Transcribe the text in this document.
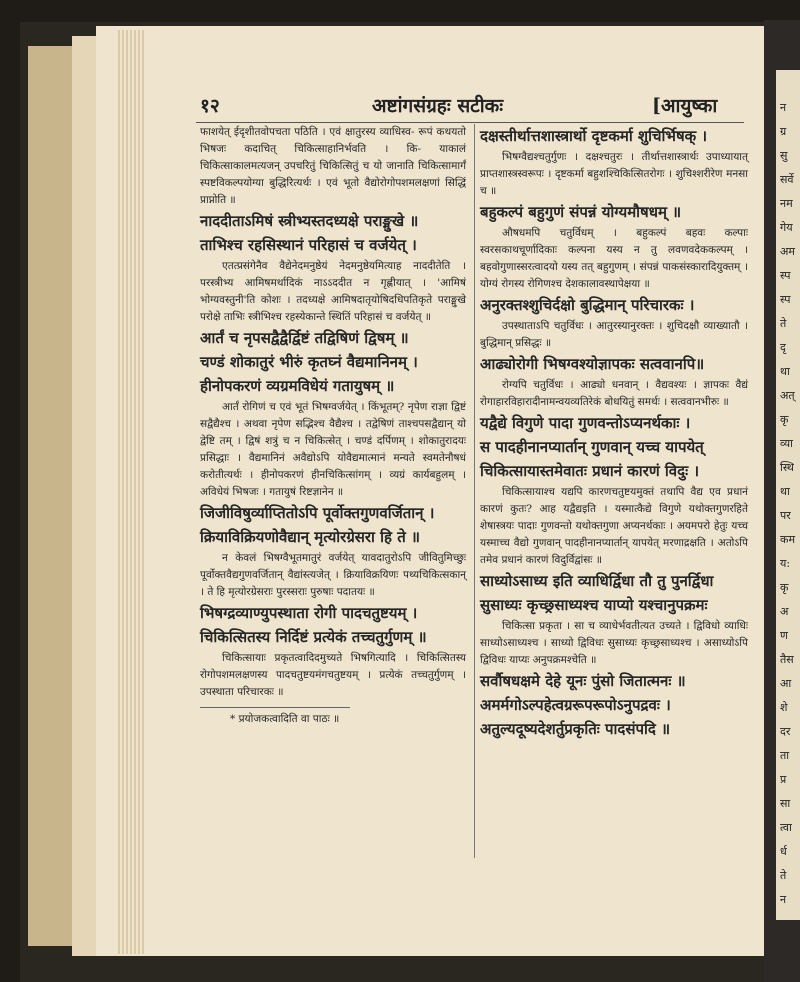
न
ग्र
सु
सर्वे
नम
गेय
अम
स्प
स्प
ते
दृ
था
अत्
कृ
व्या
स्थि
था
पर
कम
य:
कृ
अ
ण
तैस
आ
शे
दर
ता
प्र
सा
त्वा
र्ध
ते
न
१२	अष्टांगसंग्रहः सटीकः	[आयुष्का

फाशयेत् ईदृशीतवोपचता पठिति । एवं क्षातुरस्य व्याधिस्व- रूपं कथयतो भिषजः कदाचित् चिकित्साहानिर्भवति । कि- याकालं चिकित्साकालमत्यजन् उपचरितुं चिकित्सितुं च यो जानाति चिकित्सामार्गं स्पष्टविकल्पयोग्या बुद्धिरित्यर्थः । एवं भूतो वैद्योरोगोपशमलक्षणां सिद्धिं प्राप्नोति ॥

नाददीताऽमिषं स्त्रीभ्यस्तदध्यक्षे पराङ्मुखे ॥

ताभिश्च रहसिस्थानं परिहासं च वर्जयेत् ।

एतत्प्रसंगेनैव वैद्येनेदमनुष्ठेयं नेदमनुष्ठेयमित्याह नाददीतेति । परस्त्रीभ्य आमिषमर्थादिकं नाऽऽददीत न गृह्णीयात् । 'आमिषं भोग्यवस्तुनी'ति कोशः । तदध्यक्षे आमिषदातृयोषिदधिपतिकृते पराङ्मुखे परोक्षे ताभिः स्त्रीभिश्च रहस्येकान्ते स्थितिं परिहासं च वर्जयेत् ॥

आर्तं च नृपसद्वैद्वैर्द्विष्टं तद्विषिणं द्विषम् ॥

चण्डं शोकातुरं भीरुं कृतघ्नं वैद्यमानिनम् ।

हीनोपकरणं व्यग्रमविधेयं गतायुषम् ॥

आर्तं रोगिणं च एवं भूतं भिषग्वर्जयेत् । किंभूतम्? नृपेण राज्ञा द्विष्टं सद्वैद्यैश्च । अथवा नृपेण सद्भिश्च वैद्यैश्च । तद्वेषिणं ताश्चपसद्वैद्यान् यो द्वेष्टि तम् । द्विषं शत्रुं च न चिकित्सेत् । चण्डं दर्पिणम् । शोकातुरादयः प्रसिद्धाः । वैद्यमानिनं अवैद्योऽपि योवैद्यमात्मानं मन्यते स्वमतेनौषधं करोतीत्यर्थः । हीनोपकरणं हीनचिकित्सांगम् । व्यग्रं कार्यबहुलम् । अविधेयं भिषजः । गतायुषं रिष्टज्ञानेन ॥

जिजीविषुर्व्याप्तितोऽपि पूर्वोक्तगुणवर्जितान् ।

क्रियाविक्रियणोवैद्यान् मृत्योरग्रेसरा हि ते ॥

न केवलं भिषग्वैभूतमातुरं वर्जयेत् यावदातुरोऽपि जीवितुमिच्छुः पूर्वोक्तवैद्यगुणवर्जितान् वैद्यांस्त्यजेत् । क्रियाविक्रयिणः पथ्यचिकित्सकान् । ते हि मृत्योरग्रेसराः पुरस्सराः पुरुषाः पदातयः ॥

भिषग्द्रव्याण्युपस्थाता रोगी पादचतुष्टयम् ।

चिकित्सितस्य निर्दिष्टं प्रत्येकं तच्चतुर्गुणम् ॥

चिकित्सायाः प्रकृतत्वादिदमुच्यते भिषगित्यादि । चिकित्सितस्य रोगोपशमलक्षणस्य पादचतुष्टयमंगचतुष्टयम् । प्रत्येकं तच्चतुर्गुणम् । उपस्थाता परिचारकः ॥

* प्रयोजकत्वादिति वा पाठः ॥

दक्षस्तीर्थात्तशास्त्रार्थो दृष्टकर्मा शुचिर्भिषक् ।

भिषग्वैद्यश्चतुर्गुणः । दक्षश्चतुरः । तीर्थात्तशास्त्रार्थः उपाध्यायात् प्राप्तशास्त्रस्वरूपः । दृष्टकर्मा बहुशश्चिकित्सितरोगः । शुचिश्शरीरेण मनसा च ॥

बहुकल्पं बहुगुणं संपन्नं योग्यमौषधम् ॥

औषधमपि चतुर्विधम् । बहुकल्पं बहवः कल्पाः स्वरसकाथचूर्णादिकाः कल्पना यस्य न तु लवणवदेककल्पम् । बहवोगुणास्सरत्वादयो यस्य तत् बहुगुणम् । संपन्नं पाकसंस्कारादियुक्तम् । योग्यं रोगस्य रोगिणश्च देशकालावस्थापेक्षया ॥

अनुरक्तश्शुचिर्दक्षो बुद्धिमान् परिचारकः ।

उपस्थाताऽपि चतुर्विधः । आतुरस्यानुरक्तः । शुचिदक्षौ व्याख्यातौ । बुद्धिमान् प्रसिद्धः ॥

आढ्योरोगी भिषग्वश्योज्ञापकः सत्ववानपि॥

रोग्यपि चतुर्विधः । आढ्यो धनवान् । वैद्यवश्यः । ज्ञापकः वैद्यं रोगाहारविहारादीनामन्वयव्यतिरेकं बोधयितुं समर्थः । सत्ववानभीरुः ॥

यद्वैद्ये विगुणे पादा गुणवन्तोऽप्यनर्थकाः ।

स पादहीनानप्यार्तान् गुणवान् यच्च यापयेत्

चिकित्सायास्तमेवातः प्रधानं कारणं विदुः ।

चिकित्सायाश्च यद्यपि कारणचतुष्टयमुक्तं तथापि वैद्य एव प्रधानं कारणं कुतः? आह यद्वैद्यइति । यस्मात्कैद्ये विगुणे यथोक्तगुणरहिते शेषास्त्रयः पादाः गुणवन्तो यथोक्तगुणा अप्यनर्थकाः । अयमपरो हेतुः यच्च यस्माच्च वैद्यो गुणवान् पादहीनानप्यार्तान् यापयेत् मरणाद्रक्षति । अतोऽपि तमेव प्रधानं कारणं विदुर्विद्वांसः ॥

साध्योऽसाध्य इति व्याधिर्द्विधा तौ तु पुनर्द्विधा

सुसाध्यः कृच्छ्रसाध्यश्च याप्यो यश्चानुपक्रमः

चिकित्सा प्रकृता । सा च व्याधेर्भवतीत्यत उच्यते । द्विविधो व्याधिः साध्योऽसाध्यश्च । साध्यो द्विविधः सुसाध्यः कृच्छ्रसाध्यश्च । असाध्योऽपि द्विविधः याप्यः अनुपक्रमश्चेति ॥

सर्वौषधक्षमे देहे यूनः पुंसो जितात्मनः ॥

अमर्मगोऽल्पहेत्वग्ररूपरूपोऽनुपद्रवः ।

अतुल्यदूष्यदेशर्तुप्रकृतिः पादसंपदि ॥
